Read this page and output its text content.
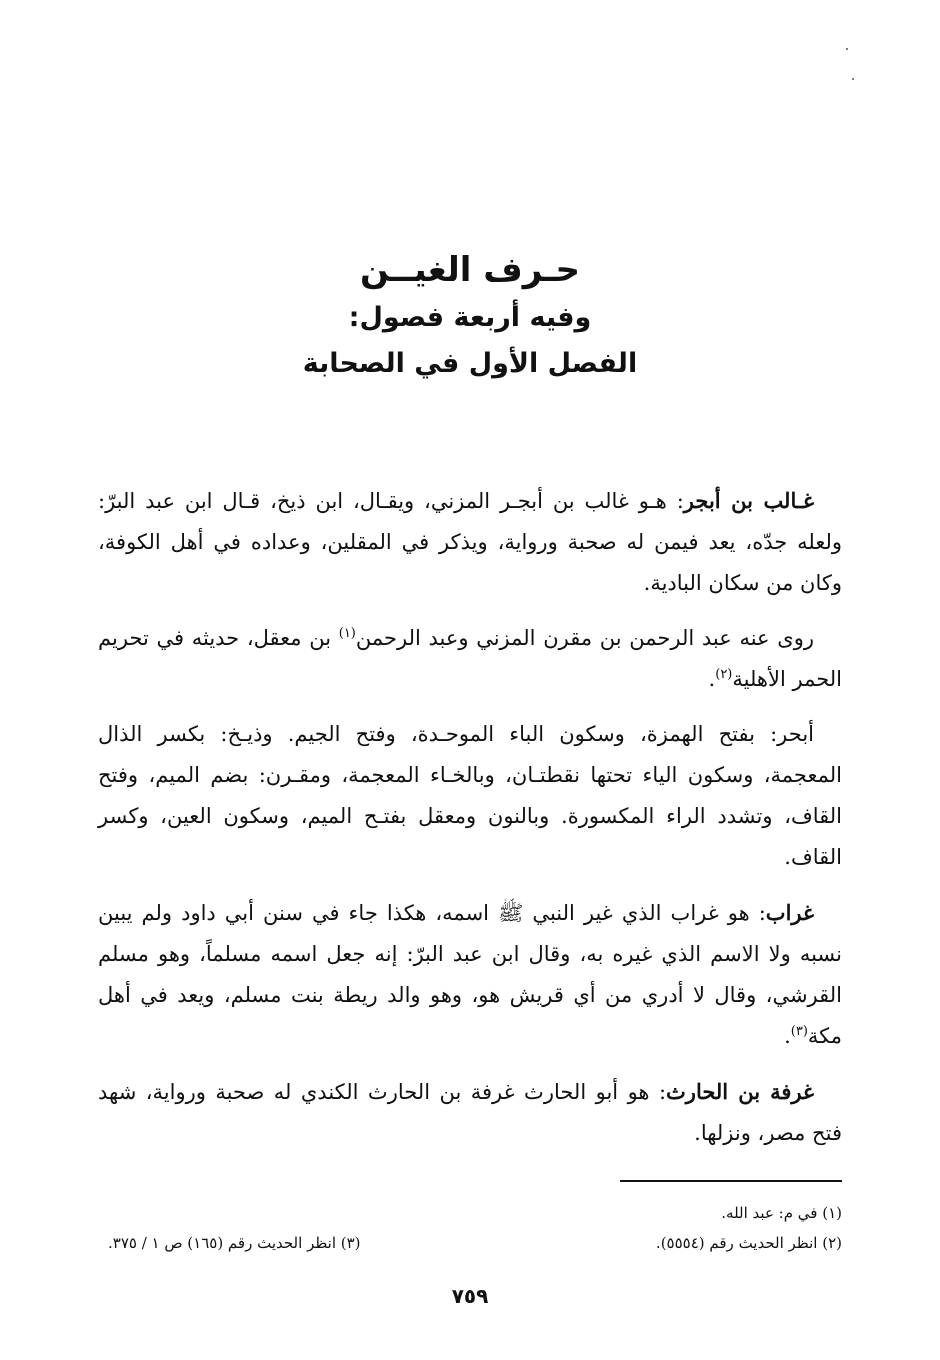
حـرف الغيــن

وفيه أربعة فصول:

الفصل الأول في الصحابة

غـالب بن أبجر: هـو غالب بن أبجـر المزني، ويقـال، ابن ذيخ، قـال ابن عبد البرّ: ولعله جدّه، يعد فيمن له صحبة ورواية، ويذكر في المقلين، وعداده في أهل الكوفة، وكان من سكان البادية.

روى عنه عبد الرحمن بن مقرن المزني وعبد الرحمن$^{(١)}$ بن معقل، حديثه في تحريم الحمر الأهلية$^{(٢)}$.

أبحر: بفتح الهمزة، وسكون الباء الموحـدة، وفتح الجيم. وذيـخ: بكسر الذال المعجمة، وسكون الياء تحتها نقطتـان، وبالخـاء المعجمة، ومقـرن: بضم الميم، وفتح القاف، وتشدد الراء المكسورة. وبالنون ومعقل بفتـح الميم، وسكون العين، وكسر القاف.

غراب: هو غراب الذي غير النبي ﷺ اسمه، هكذا جاء في سنن أبي داود ولم يبين نسبه ولا الاسم الذي غيره به، وقال ابن عبد البرّ: إنه جعل اسمه مسلماً، وهو مسلم القرشي، وقال لا أدري من أي قريش هو، وهو والد ريطة بنت مسلم، ويعد في أهل مكة$^{(٣)}$.

غرفة بن الحارث: هو أبو الحارث غرفة بن الحارث الكندي له صحبة ورواية، شهد فتح مصر، ونزلها.

(١) في م: عبد الله.
(٢) انظر الحديث رقم (٥٥٥٤).
(٣) انظر الحديث رقم (١٦٥) ص ١ / ٣٧٥.
٧٥٩
